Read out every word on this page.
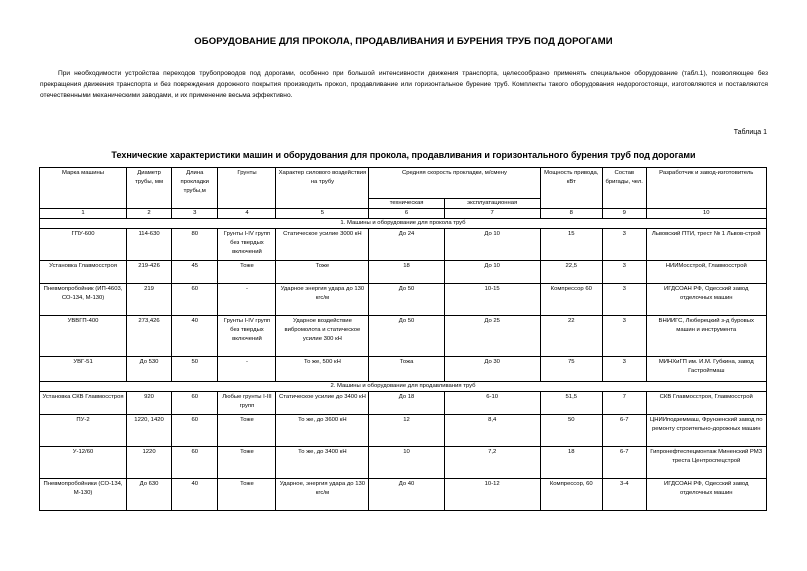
ОБОРУДОВАНИЕ ДЛЯ ПРОКОЛА, ПРОДАВЛИВАНИЯ И БУРЕНИЯ ТРУБ ПОД ДОРОГАМИ
При необходимости устройства переходов трубопроводов под дорогами, особенно при большой интенсивности движения транспорта, целесообразно применять специальное оборудование (табл.1), позволяющее без прекращения движения транспорта и без повреждения дорожного покрытия производить прокол, продавливание или горизонтальное бурение труб. Комплекты такого оборудования недорогостоящи, изготовляются и поставляются отечественными механическими заводами, и их применение весьма эффективно.
Таблица 1
Технические характеристики машин и оборудования для прокола, продавливания и горизонтального бурения труб под дорогами
Марка машины	Диаметр трубы, мм	Длина прокладки трубы,м	Грунты	Характер силового воздействия на трубу	Средняя скорость прокладки, м/смену		Мощность привода, кВт	Состав бригады, чел.	Разработчик и завод-изготовитель
					техническая	эксплуатационная			
1	2	3	4	5	6	7	8	9	10
1. Машины и оборудование для прокола труб									
ГПУ-600	114-630	80	Грунты I-IV групп без твердых включений	Статическое усилие 3000 кН	До 24	До 10	15	3	Львовский ПТИ, трест № 1 Львов-строй
Установка Главмосстроя	219-426	45	Тоже	Тоже	18	До 10	22,5	3	НИИМосстрой, Главмосстрой
Пневмопробойник (ИП-4603, СО-134, М-130)	219	60	-	Ударное энергия удара до 130 кгс/м	До 50	10-15	Компрессор 60	3	ИГДСОАН РФ, Одесский завод отделочных машин
УВВГП-400	273,426	40	Грунты I-IV групп без твердых включений	Ударное воздействие вибромолота и статическое усилие 300 кН	До 50	До 25	22	3	ВНИИГС, Люберецкий з-д буровых машин и инструмента
УВГ-51	До 530	50	-	То же, 500 кН	Тожа	До 30	75	3	МИНХиГП им. И.М. Губкина, завод Гастройтмаш
2. Машины и оборудование для продавливания труб									
Установка СКВ Главмосстроя	920	60	Любые грунты I-III групп	Статическое усилие до 3400 кН	До 18	6-10	51,5	7	СКВ Главмосстроя, Главмосстрой
ПУ-2	1220, 1420	60	Тоже	То же, до 3600 кН	12	8,4	50	6-7	ЦНИИподземмаш, Фрунзенский завод по ремонту строительно-дорожных машин
У-12/60	1220	60	Тоже	То же, до 3400 кН	10	7,2	18	6-7	Гипронефтеспецмонтаж Миненский РМЗ треста Центроспецстрой
Пневмопробойники (СО-134, М-130)	До 630	40	Тоже	Ударное, энергия удара до 130 кгс/м	До 40	10-12	Компрессор, 60	3-4	ИГДСОАН РФ, Одесский завод отделочных машин
